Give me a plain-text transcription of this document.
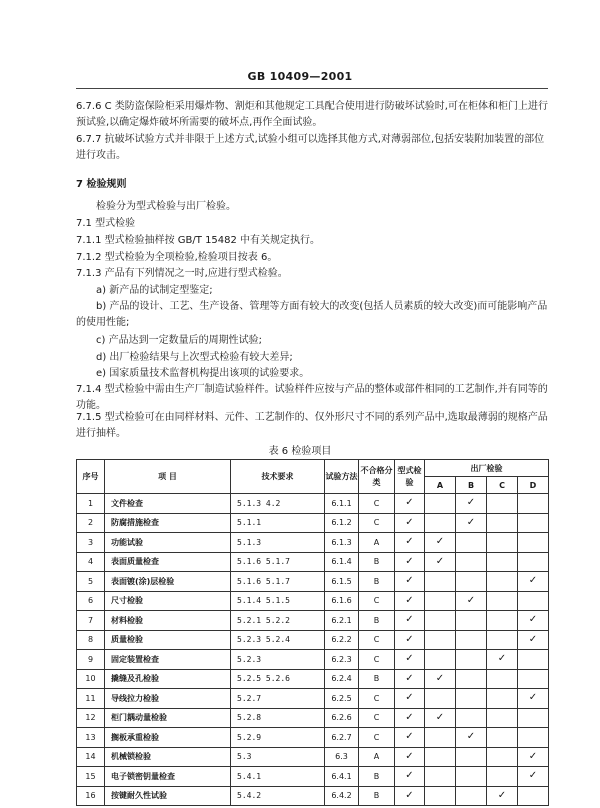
GB 10409—2001

6.7.6 C 类防盗保险柜采用爆炸物、割炬和其他规定工具配合使用进行防破坏试验时,可在柜体和柜门上进行预试验,以确定爆炸破坏所需要的破坏点,再作全面试验。

6.7.7 抗破坏试验方式并非限于上述方式,试验小组可以选择其他方式,对薄弱部位,包括安装附加装置的部位进行攻击。

7 检验规则

检验分为型式检验与出厂检验。

7.1 型式检验

7.1.1 型式检验抽样按 GB/T 15482 中有关规定执行。

7.1.2 型式检验为全项检验,检验项目按表 6。

7.1.3 产品有下列情况之一时,应进行型式检验。

a) 新产品的试制定型鉴定;

b) 产品的设计、工艺、生产设备、管理等方面有较大的改变(包括人员素质的较大改变)而可能影响产品的使用性能;

c) 产品达到一定数量后的周期性试验;

d) 出厂检验结果与上次型式检验有较大差异;

e) 国家质量技术监督机构提出该项的试验要求。

7.1.4 型式检验中需由生产厂制造试验样件。试验样件应按与产品的整体或部件相同的工艺制作,并有同等的功能。

7.1.5 型式检验可在由同样材料、元件、工艺制作的、仅外形尺寸不同的系列产品中,选取最薄弱的规格产品进行抽样。

表 6 检验项目
序号	项 目	技术要求	试验方法	不合格分类	型式检验	出厂检验			
						A	B	C	D
1	文件检查	5.1.3 4.2	6.1.1	C	✓		✓		
2	防腐措施检查	5.1.1	6.1.2	C	✓		✓		
3	功能试验	5.1.3	6.1.3	A	✓	✓			
4	表面质量检查	5.1.6 5.1.7	6.1.4	B	✓	✓			
5	表面镀(涂)层检验	5.1.6 5.1.7	6.1.5	B	✓				✓
6	尺寸检验	5.1.4 5.1.5	6.1.6	C	✓		✓		
7	材料检验	5.2.1 5.2.2	6.2.1	B	✓				✓
8	质量检验	5.2.3 5.2.4	6.2.2	C	✓				✓
9	固定装置检查	5.2.3	6.2.3	C	✓			✓	
10	撬缝及孔检验	5.2.5 5.2.6	6.2.4	B	✓	✓			
11	导线拉力检验	5.2.7	6.2.5	C	✓				✓
12	柜门耦动量检验	5.2.8	6.2.6	C	✓	✓			
13	搁板承重检验	5.2.9	6.2.7	C	✓		✓		
14	机械锁检验	5.3	6.3	A	✓				✓
15	电子锁密钥量检查	5.4.1	6.4.1	B	✓				✓
16	按键耐久性试验	5.4.2	6.4.2	B	✓			✓	
